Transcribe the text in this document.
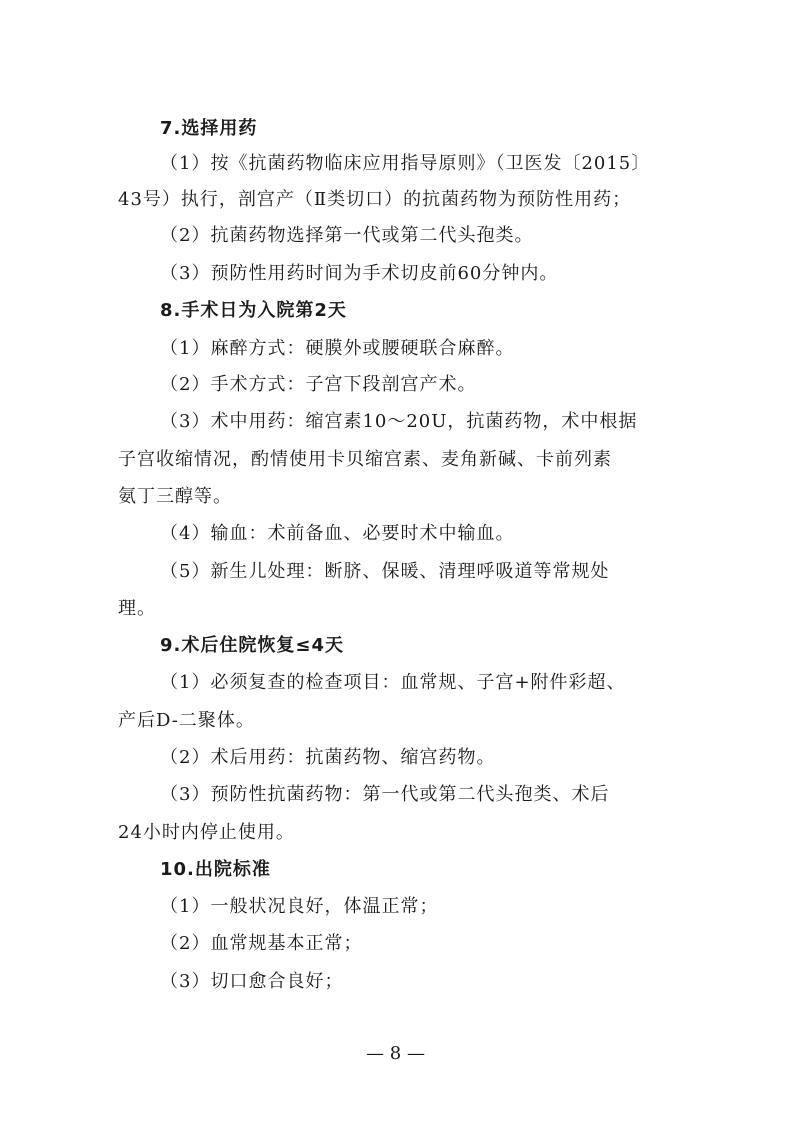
7.选择用药
（1）按《抗菌药物临床应用指导原则》（卫医发〔2015〕
43号）执行，剖宫产（Ⅱ类切口）的抗菌药物为预防性用药；
（2）抗菌药物选择第一代或第二代头孢类。
（3）预防性用药时间为手术切皮前60分钟内。
8.手术日为入院第2天
（1）麻醉方式：硬膜外或腰硬联合麻醉。
（2）手术方式：子宫下段剖宫产术。
（3）术中用药：缩宫素10～20U，抗菌药物，术中根据
子宫收缩情况，酌情使用卡贝缩宫素、麦角新碱、卡前列素
氨丁三醇等。
（4）输血：术前备血、必要时术中输血。
（5）新生儿处理：断脐、保暖、清理呼吸道等常规处
理。
9.术后住院恢复≤4天
（1）必须复查的检查项目：血常规、子宫+附件彩超、
产后D-二聚体。
（2）术后用药：抗菌药物、缩宫药物。
（3）预防性抗菌药物：第一代或第二代头孢类、术后
24小时内停止使用。
10.出院标准
（1）一般状况良好，体温正常；
（2）血常规基本正常；
（3）切口愈合良好；
— 8 —
